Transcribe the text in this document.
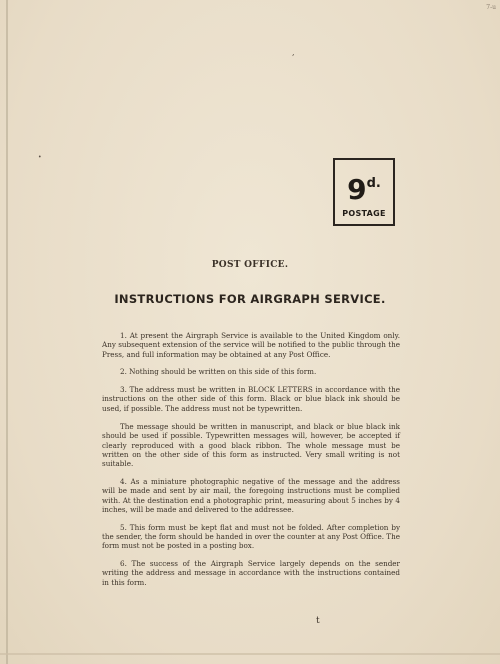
7-u
,
•
$9^{d.}$
POSTAGE
POST OFFICE.
INSTRUCTIONS FOR AIRGRAPH SERVICE.

1. At present the Airgraph Service is available to the United Kingdom only. Any subsequent extension of the service will be notified to the public through the Press, and full information may be obtained at any Post Office.

2. Nothing should be written on this side of this form.

3. The address must be written in BLOCK LETTERS in accordance with the instructions on the other side of this form. Black or blue black ink should be used, if possible. The address must not be typewritten.

The message should be written in manuscript, and black or blue black ink should be used if possible. Typewritten messages will, however, be accepted if clearly reproduced with a good black ribbon. The whole message must be written on the other side of this form as instructed. Very small writing is not suitable.

4. As a miniature photographic negative of the message and the address will be made and sent by air mail, the foregoing instructions must be complied with. At the destination end a photographic print, measuring about 5 inches by 4 inches, will be made and delivered to the addressee.

5. This form must be kept flat and must not be folded. After completion by the sender, the form should be handed in over the counter at any Post Office. The form must not be posted in a posting box.

6. The success of the Airgraph Service largely depends on the sender writing the address and message in accordance with the instructions contained in this form.

t
